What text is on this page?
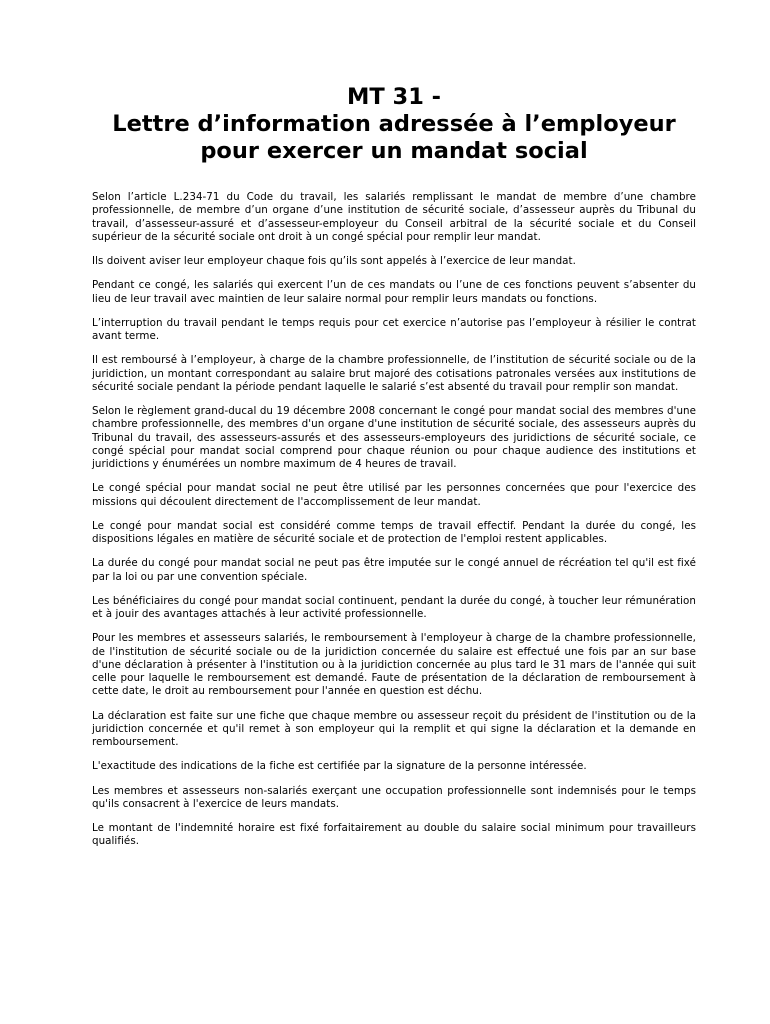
MT 31 -
Lettre d’information adressée à l’employeur
pour exercer un mandat social

Selon l’article L.234-71 du Code du travail, les salariés remplissant le mandat de membre d’une chambre professionnelle, de membre d’un organe d’une institution de sécurité sociale, d’assesseur auprès du Tribunal du travail, d’assesseur-assuré et d’assesseur-employeur du Conseil arbitral de la sécurité sociale et du Conseil supérieur de la sécurité sociale ont droit à un congé spécial pour remplir leur mandat.

Ils doivent aviser leur employeur chaque fois qu’ils sont appelés à l’exercice de leur mandat.

Pendant ce congé, les salariés qui exercent l’un de ces mandats ou l’une de ces fonctions peuvent s’absenter du lieu de leur travail avec maintien de leur salaire normal pour remplir leurs mandats ou fonctions.

L’interruption du travail pendant le temps requis pour cet exercice n’autorise pas l’employeur à résilier le contrat avant terme.

Il est remboursé à l’employeur, à charge de la chambre professionnelle, de l’institution de sécurité sociale ou de la juridiction, un montant correspondant au salaire brut majoré des cotisations patronales versées aux institutions de sécurité sociale pendant la période pendant laquelle le salarié s’est absenté du travail pour remplir son mandat.

Selon le règlement grand-ducal du 19 décembre 2008 concernant le congé pour mandat social des membres d'une chambre professionnelle, des membres d'un organe d'une institution de sécurité sociale, des assesseurs auprès du Tribunal du travail, des assesseurs-assurés et des assesseurs-employeurs des juridictions de sécurité sociale, ce congé spécial pour mandat social comprend pour chaque réunion ou pour chaque audience des institutions et juridictions y énumérées un nombre maximum de 4 heures de travail.

Le congé spécial pour mandat social ne peut être utilisé par les personnes concernées que pour l'exercice des missions qui découlent directement de l'accomplissement de leur mandat.

Le congé pour mandat social est considéré comme temps de travail effectif. Pendant la durée du congé, les dispositions légales en matière de sécurité sociale et de protection de l'emploi restent applicables.

La durée du congé pour mandat social ne peut pas être imputée sur le congé annuel de récréation tel qu'il est fixé par la loi ou par une convention spéciale.

Les bénéficiaires du congé pour mandat social continuent, pendant la durée du congé, à toucher leur rémunération et à jouir des avantages attachés à leur activité professionnelle.

Pour les membres et assesseurs salariés, le remboursement à l'employeur à charge de la chambre professionnelle, de l'institution de sécurité sociale ou de la juridiction concernée du salaire est effectué une fois par an sur base d'une déclaration à présenter à l'institution ou à la juridiction concernée au plus tard le 31 mars de l'année qui suit celle pour laquelle le remboursement est demandé. Faute de présentation de la déclaration de remboursement à cette date, le droit au remboursement pour l'année en question est déchu.

La déclaration est faite sur une fiche que chaque membre ou assesseur reçoit du président de l'institution ou de la juridiction concernée et qu'il remet à son employeur qui la remplit et qui signe la déclaration et la demande en remboursement.

L'exactitude des indications de la fiche est certifiée par la signature de la personne intéressée.

Les membres et assesseurs non-salariés exerçant une occupation professionnelle sont indemnisés pour le temps qu'ils consacrent à l'exercice de leurs mandats.

Le montant de l'indemnité horaire est fixé forfaitairement au double du salaire social minimum pour travailleurs qualifiés.
